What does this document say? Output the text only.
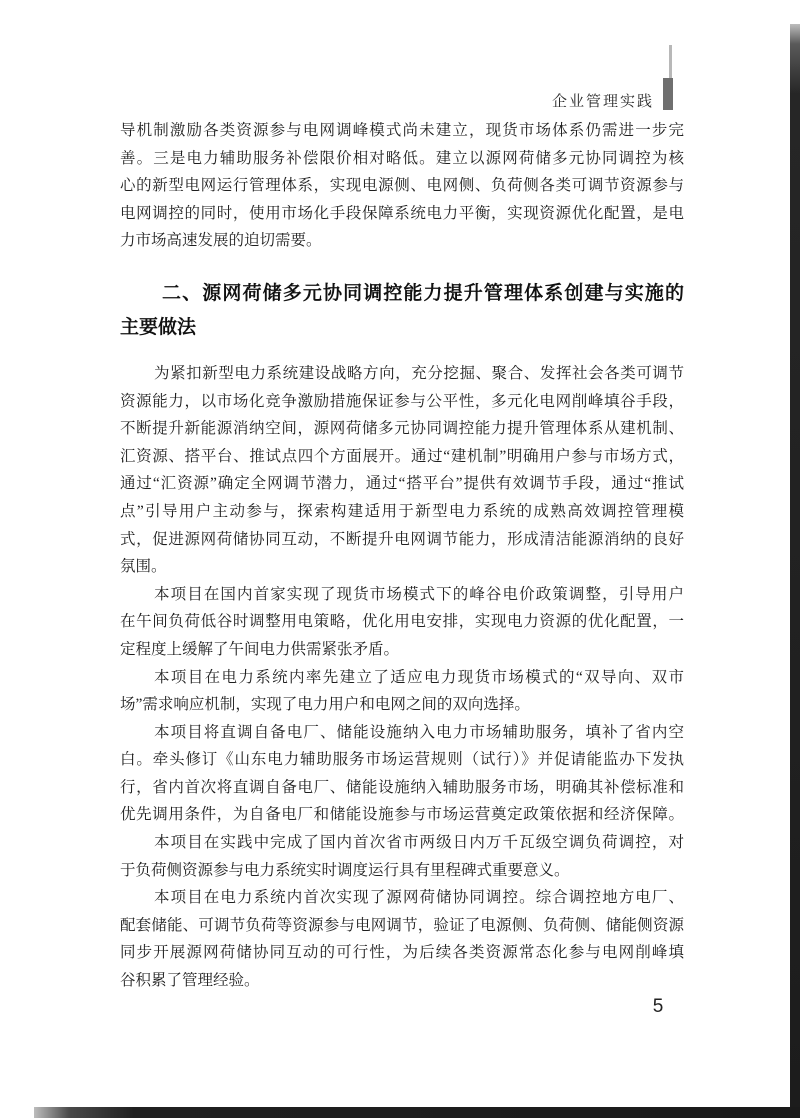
企业管理实践
导机制激励各类资源参与电网调峰模式尚未建立，现货市场体系仍需进一步完
善。三是电力辅助服务补偿限价相对略低。建立以源网荷储多元协同调控为核
心的新型电网运行管理体系，实现电源侧、电网侧、负荷侧各类可调节资源参与
电网调控的同时，使用市场化手段保障系统电力平衡，实现资源优化配置，是电
力市场高速发展的迫切需要。
二、源网荷储多元协同调控能力提升管理体系创建与实施的
主要做法
为紧扣新型电力系统建设战略方向，充分挖掘、聚合、发挥社会各类可调节
资源能力，以市场化竞争激励措施保证参与公平性，多元化电网削峰填谷手段，
不断提升新能源消纳空间，源网荷储多元协同调控能力提升管理体系从建机制、
汇资源、搭平台、推试点四个方面展开。通过“建机制”明确用户参与市场方式，
通过“汇资源”确定全网调节潜力，通过“搭平台”提供有效调节手段，通过“推试
点”引导用户主动参与，探索构建适用于新型电力系统的成熟高效调控管理模
式，促进源网荷储协同互动，不断提升电网调节能力，形成清洁能源消纳的良好
氛围。
本项目在国内首家实现了现货市场模式下的峰谷电价政策调整，引导用户
在午间负荷低谷时调整用电策略，优化用电安排，实现电力资源的优化配置，一
定程度上缓解了午间电力供需紧张矛盾。
本项目在电力系统内率先建立了适应电力现货市场模式的“双导向、双市
场”需求响应机制，实现了电力用户和电网之间的双向选择。
本项目将直调自备电厂、储能设施纳入电力市场辅助服务，填补了省内空
白。牵头修订《山东电力辅助服务市场运营规则（试行）》并促请能监办下发执
行，省内首次将直调自备电厂、储能设施纳入辅助服务市场，明确其补偿标准和
优先调用条件，为自备电厂和储能设施参与市场运营奠定政策依据和经济保障。
本项目在实践中完成了国内首次省市两级日内万千瓦级空调负荷调控，对
于负荷侧资源参与电力系统实时调度运行具有里程碑式重要意义。
本项目在电力系统内首次实现了源网荷储协同调控。综合调控地方电厂、
配套储能、可调节负荷等资源参与电网调节，验证了电源侧、负荷侧、储能侧资源
同步开展源网荷储协同互动的可行性，为后续各类资源常态化参与电网削峰填
谷积累了管理经验。
5
